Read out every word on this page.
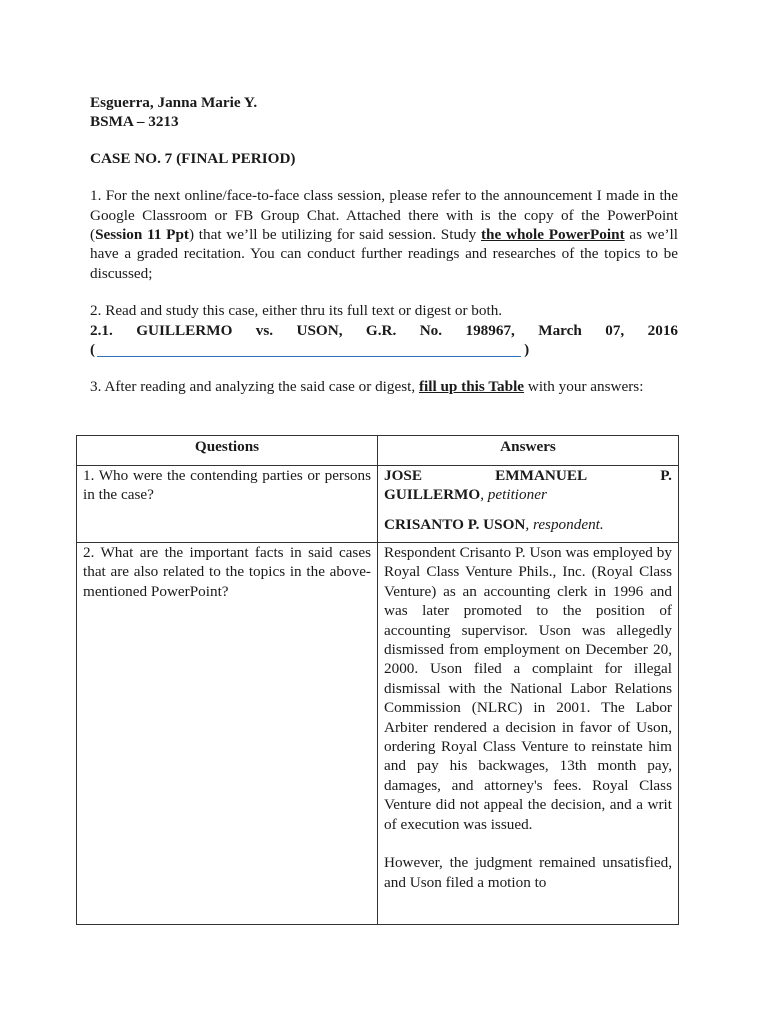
Esguerra, Janna Marie Y.

BSMA – 3213

CASE NO. 7 (FINAL PERIOD)

1. For the next online/face-to-face class session, please refer to the announcement I made in the Google Classroom or FB Group Chat. Attached there with is the copy of the PowerPoint (Session 11 Ppt) that we’ll be utilizing for said session. Study the whole PowerPoint as we’ll have a graded recitation. You can conduct further readings and researches of the topics to be discussed;

2. Read and study this case, either thru its full text or digest or both.

2.1. GUILLERMO vs. USON, G.R. No. 198967, March 07, 2016
(	)

3. After reading and analyzing the said case or digest, fill up this Table with your answers:

Questions	Answers
1. Who were the contending parties or persons in the case?	JOSE EMMANUEL P.
GUILLERMO, petitioner
CRISANTO P. USON, respondent.

2. What are the important facts in said cases that are also related to the topics in the above-mentioned PowerPoint?	Respondent Crisanto P. Uson was employed by Royal Class Venture Phils., Inc. (Royal Class Venture) as an accounting clerk in 1996 and was later promoted to the position of accounting supervisor. Uson was allegedly dismissed from employment on December 20, 2000. Uson filed a complaint for illegal dismissal with the National Labor Relations Commission (NLRC) in 2001. The Labor Arbiter rendered a decision in favor of Uson, ordering Royal Class Venture to reinstate him and pay his backwages, 13th month pay, damages, and attorney's fees. Royal Class Venture did not appeal the decision, and a writ of execution was issued.

However, the judgment remained unsatisfied, and Uson filed a motion to
